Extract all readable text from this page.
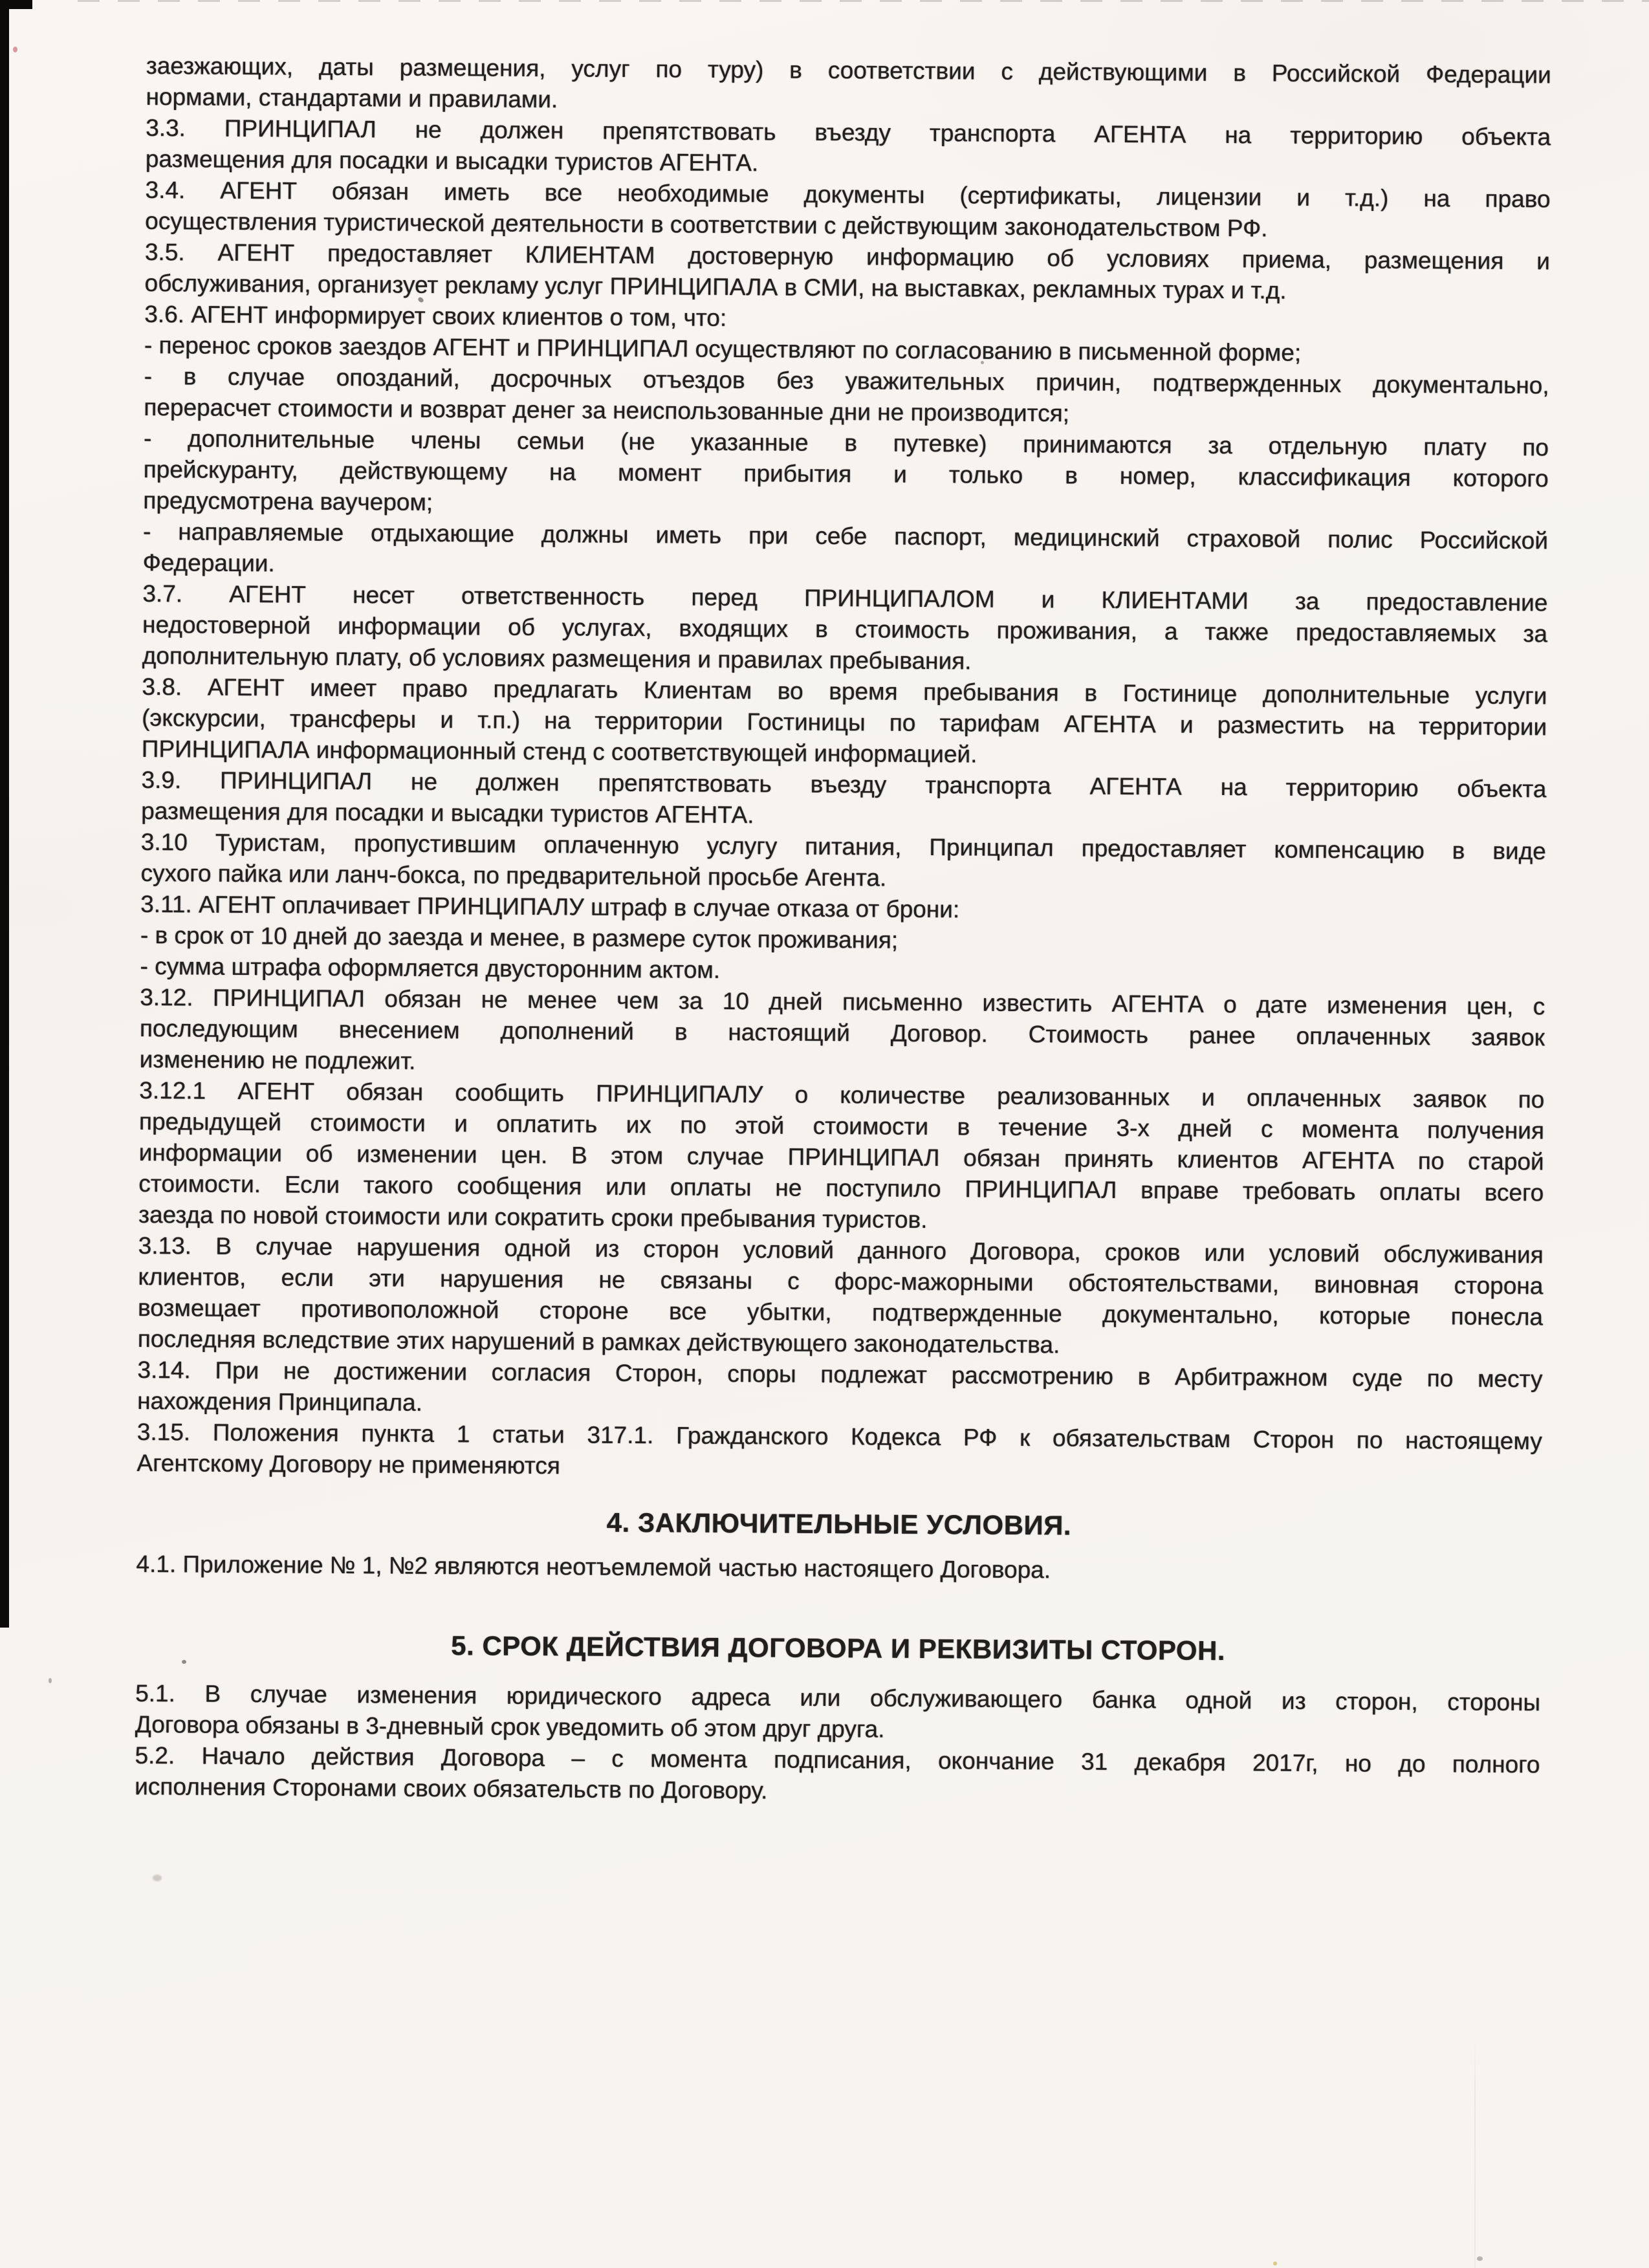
заезжающих, даты размещения, услуг по туру) в соответствии с действующими в Российской Федерации
нормами, стандартами и правилами.
3.3. ПРИНЦИПАЛ не должен препятствовать въезду транспорта АГЕНТА на территорию объекта
размещения для посадки и высадки туристов АГЕНТА.
3.4. АГЕНТ обязан иметь все необходимые документы (сертификаты, лицензии и т.д.) на право
осуществления туристической деятельности в соответствии с действующим законодательством РФ.
3.5. АГЕНТ предоставляет КЛИЕНТАМ достоверную информацию об условиях приема, размещения и
обслуживания, организует рекламу услуг ПРИНЦИПАЛА в СМИ, на выставках, рекламных турах и т.д.
3.6. АГЕНТ информирует своих клиентов о том, что:
- перенос сроков заездов АГЕНТ и ПРИНЦИПАЛ осуществляют по согласованию в письменной форме;
- в случае опозданий, досрочных отъездов без уважительных причин, подтвержденных документально,
перерасчет стоимости и возврат денег за неиспользованные дни не производится;
- дополнительные члены семьи (не указанные в путевке) принимаются за отдельную плату по
прейскуранту, действующему на момент прибытия и только в номер, классификация которого
предусмотрена ваучером;
- направляемые отдыхающие должны иметь при себе паспорт, медицинский страховой полис Российской
Федерации.
3.7. АГЕНТ несет ответственность перед ПРИНЦИПАЛОМ и КЛИЕНТАМИ за предоставление
недостоверной информации об услугах, входящих в стоимость проживания, а также предоставляемых за
дополнительную плату, об условиях размещения и правилах пребывания.
3.8. АГЕНТ имеет право предлагать Клиентам во время пребывания в Гостинице дополнительные услуги
(экскурсии, трансферы и т.п.) на территории Гостиницы по тарифам АГЕНТА и разместить на территории
ПРИНЦИПАЛА информационный стенд с соответствующей информацией.
3.9. ПРИНЦИПАЛ не должен препятствовать въезду транспорта АГЕНТА на территорию объекта
размещения для посадки и высадки туристов АГЕНТА.
3.10 Туристам, пропустившим оплаченную услугу питания, Принципал предоставляет компенсацию в виде
сухого пайка или ланч-бокса, по предварительной просьбе Агента.
3.11. АГЕНТ оплачивает ПРИНЦИПАЛУ штраф в случае отказа от брони:
- в срок от 10 дней до заезда и менее, в размере суток проживания;
- сумма штрафа оформляется двусторонним актом.
3.12. ПРИНЦИПАЛ обязан не менее чем за 10 дней письменно известить АГЕНТА о дате изменения цен, с
последующим внесением дополнений в настоящий Договор. Стоимость ранее оплаченных заявок
изменению не подлежит.
3.12.1 АГЕНТ обязан сообщить ПРИНЦИПАЛУ о количестве реализованных и оплаченных заявок по
предыдущей стоимости и оплатить их по этой стоимости в течение 3-х дней с момента получения
информации об изменении цен. В этом случае ПРИНЦИПАЛ обязан принять клиентов АГЕНТА по старой
стоимости. Если такого сообщения или оплаты не поступило ПРИНЦИПАЛ вправе требовать оплаты всего
заезда по новой стоимости или сократить сроки пребывания туристов.
3.13. В случае нарушения одной из сторон условий данного Договора, сроков или условий обслуживания
клиентов, если эти нарушения не связаны с форс-мажорными обстоятельствами, виновная сторона
возмещает противоположной стороне все убытки, подтвержденные документально, которые понесла
последняя вследствие этих нарушений в рамках действующего законодательства.
3.14. При не достижении согласия Сторон, споры подлежат рассмотрению в Арбитражном суде по месту
нахождения Принципала.
3.15. Положения пункта 1 статьи 317.1. Гражданского Кодекса РФ к обязательствам Сторон по настоящему
Агентскому Договору не применяются
4. ЗАКЛЮЧИТЕЛЬНЫЕ УСЛОВИЯ.
4.1. Приложение № 1, №2 являются неотъемлемой частью настоящего Договора.
5. СРОК ДЕЙСТВИЯ ДОГОВОРА И РЕКВИЗИТЫ СТОРОН.
5.1. В случае изменения юридического адреса или обслуживающего банка одной из сторон, стороны
Договора обязаны в 3-дневный срок уведомить об этом друг друга.
5.2. Начало действия Договора – с момента подписания, окончание 31 декабря 2017г, но до полного
исполнения Сторонами своих обязательств по Договору.
